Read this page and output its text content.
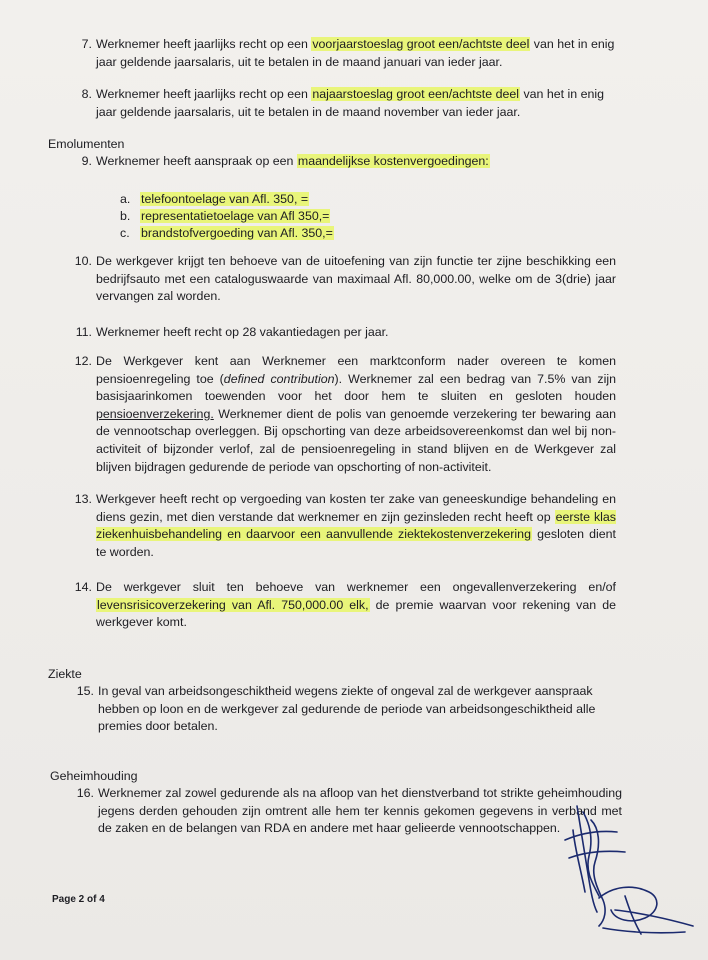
7. Werknemer heeft jaarlijks recht op een voorjaarstoeslag groot een/achtste deel van het in enig jaar geldende jaarsalaris, uit te betalen in de maand januari van ieder jaar.
8. Werknemer heeft jaarlijks recht op een najaarstoeslag groot een/achtste deel van het in enig jaar geldende jaarsalaris, uit te betalen in de maand november van ieder jaar.
Emolumenten
9. Werknemer heeft aanspraak op een maandelijkse kostenvergoedingen:
a. telefoontoelage van Afl. 350, =
b. representatietoelage van Afl 350,=
c. brandstofvergoeding van Afl. 350,=
10. De werkgever krijgt ten behoeve van de uitoefening van zijn functie ter zijne beschikking een bedrijfsauto met een cataloguswaarde van maximaal Afl. 80,000.00, welke om de 3(drie) jaar vervangen zal worden.
11. Werknemer heeft recht op 28 vakantiedagen per jaar.
12. De Werkgever kent aan Werknemer een marktconform nader overeen te komen pensioenregeling toe (defined contribution). Werknemer zal een bedrag van 7.5% van zijn basisjaarinkomen toewenden voor het door hem te sluiten en gesloten houden pensioenverzekering. Werknemer dient de polis van genoemde verzekering ter bewaring aan de vennootschap overleggen. Bij opschorting van deze arbeidsovereenkomst dan wel bij non-activiteit of bijzonder verlof, zal de pensioenregeling in stand blijven en de Werkgever zal blijven bijdragen gedurende de periode van opschorting of non-activiteit.
13. Werkgever heeft recht op vergoeding van kosten ter zake van geneeskundige behandeling en diens gezin, met dien verstande dat werknemer en zijn gezinsleden recht heeft op eerste klas ziekenhuisbehandeling en daarvoor een aanvullende ziektekostenverzekering gesloten dient te worden.
14. De werkgever sluit ten behoeve van werknemer een ongevallenverzekering en/of levensrisicoverzekering van Afl. 750,000.00 elk, de premie waarvan voor rekening van de werkgever komt.
Ziekte
15. In geval van arbeidsongeschiktheid wegens ziekte of ongeval zal de werkgever aanspraak hebben op loon en de werkgever zal gedurende de periode van arbeidsongeschiktheid alle premies door betalen.
Geheimhouding
16. Werknemer zal zowel gedurende als na afloop van het dienstverband tot strikte geheimhouding jegens derden gehouden zijn omtrent alle hem ter kennis gekomen gegevens in verband met de zaken en de belangen van RDA en andere met haar gelieerde vennootschappen.
Page 2 of 4
